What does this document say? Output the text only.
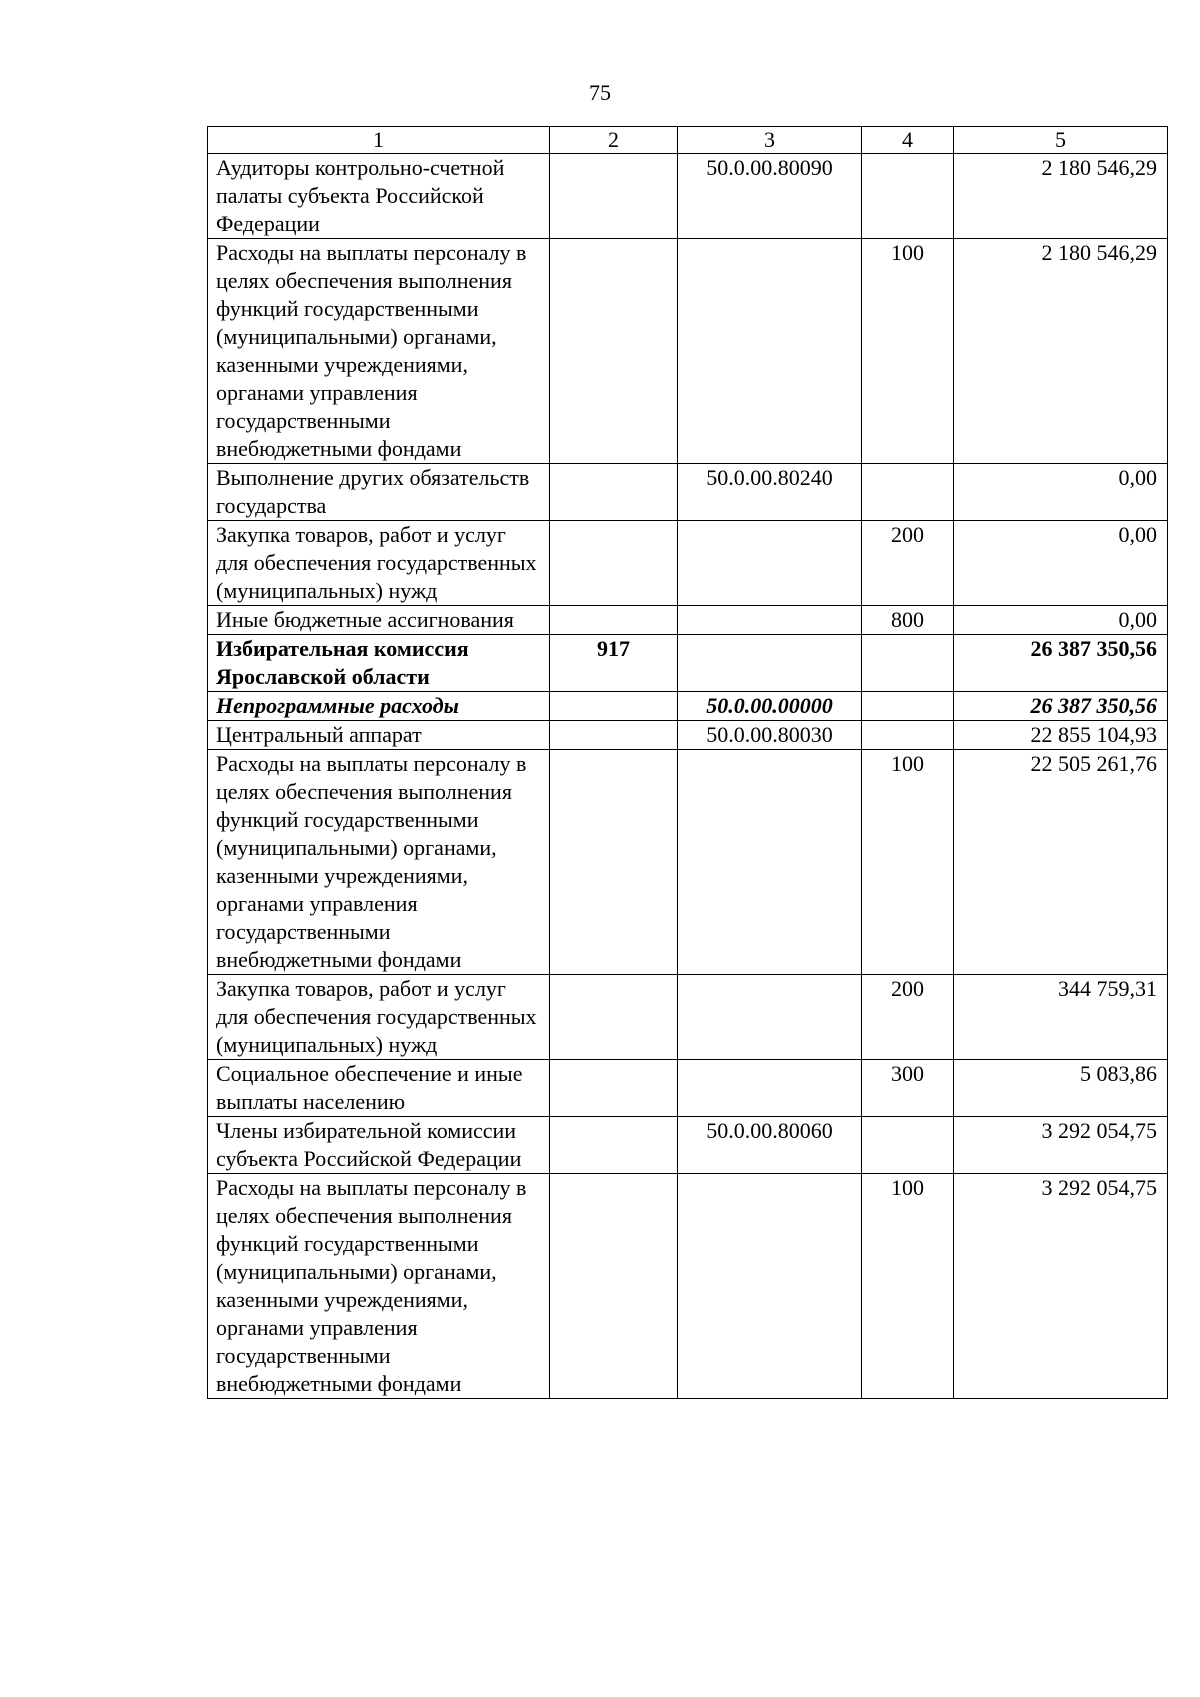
75
1	2	3	4	5
Аудиторы контрольно-счетной палаты субъекта Российской Федерации		50.0.00.80090		2 180 546,29
Расходы на выплаты персоналу в целях обеспечения выполнения функций государственными (муниципальными) органами, казенными учреждениями, органами управления государственными внебюджетными фондами			100	2 180 546,29
Выполнение других обязательств государства		50.0.00.80240		0,00
Закупка товаров, работ и услуг для обеспечения государственных (муниципальных) нужд			200	0,00
Иные бюджетные ассигнования			800	0,00
Избирательная комиссия Ярославской области	917			26 387 350,56
Непрограммные расходы		50.0.00.00000		26 387 350,56
Центральный аппарат		50.0.00.80030		22 855 104,93
Расходы на выплаты персоналу в целях обеспечения выполнения функций государственными (муниципальными) органами, казенными учреждениями, органами управления государственными внебюджетными фондами			100	22 505 261,76
Закупка товаров, работ и услуг для обеспечения государственных (муниципальных) нужд			200	344 759,31
Социальное обеспечение и иные выплаты населению			300	5 083,86
Члены избирательной комиссии субъекта Российской Федерации		50.0.00.80060		3 292 054,75
Расходы на выплаты персоналу в целях обеспечения выполнения функций государственными (муниципальными) органами, казенными учреждениями, органами управления государственными внебюджетными фондами			100	3 292 054,75
